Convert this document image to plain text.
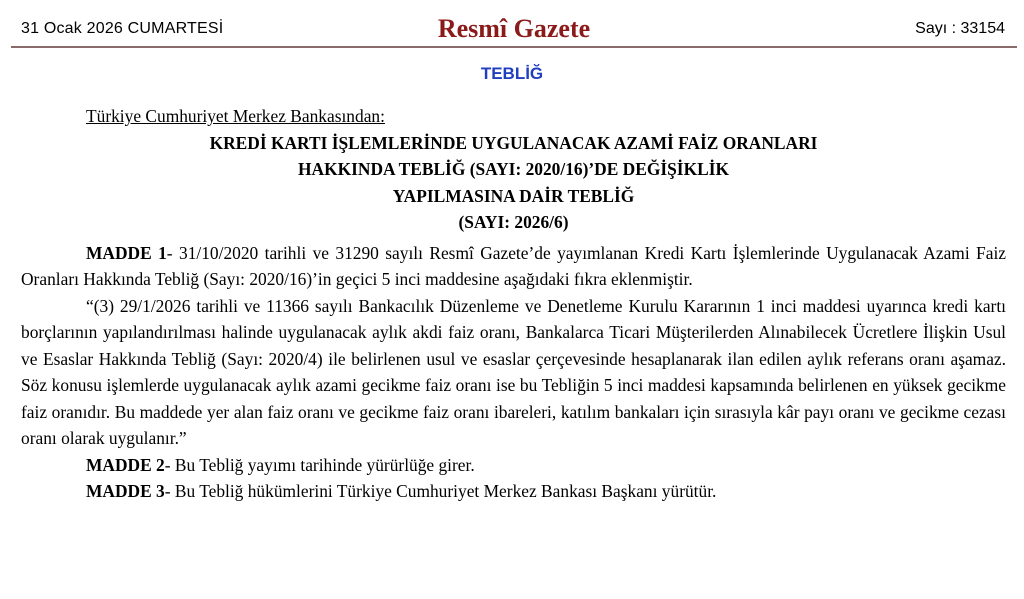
31 Ocak 2026 CUMARTESİ	Resmî Gazete	Sayı : 33154
TEBLİĞ

Türkiye Cumhuriyet Merkez Bankasından:

KREDİ KARTI İŞLEMLERİNDE UYGULANACAK AZAMİ FAİZ ORANLARI
HAKKINDA TEBLİĞ (SAYI: 2020/16)’DE DEĞİŞİKLİK
YAPILMASINA DAİR TEBLİĞ
(SAYI: 2026/6)

MADDE 1- 31/10/2020 tarihli ve 31290 sayılı Resmî Gazete’de yayımlanan Kredi Kartı İşlemlerinde Uygulanacak Azami Faiz Oranları Hakkında Tebliğ (Sayı: 2020/16)’in geçici 5 inci maddesine aşağıdaki fıkra eklenmiştir.

“(3) 29/1/2026 tarihli ve 11366 sayılı Bankacılık Düzenleme ve Denetleme Kurulu Kararının 1 inci maddesi uyarınca kredi kartı borçlarının yapılandırılması halinde uygulanacak aylık akdi faiz oranı, Bankalarca Ticari Müşterilerden Alınabilecek Ücretlere İlişkin Usul ve Esaslar Hakkında Tebliğ (Sayı: 2020/4) ile belirlenen usul ve esaslar çerçevesinde hesaplanarak ilan edilen aylık referans oranı aşamaz. Söz konusu işlemlerde uygulanacak aylık azami gecikme faiz oranı ise bu Tebliğin 5 inci maddesi kapsamında belirlenen en yüksek gecikme faiz oranıdır. Bu maddede yer alan faiz oranı ve gecikme faiz oranı ibareleri, katılım bankaları için sırasıyla kâr payı oranı ve gecikme cezası oranı olarak uygulanır.”

MADDE 2- Bu Tebliğ yayımı tarihinde yürürlüğe girer.

MADDE 3- Bu Tebliğ hükümlerini Türkiye Cumhuriyet Merkez Bankası Başkanı yürütür.
